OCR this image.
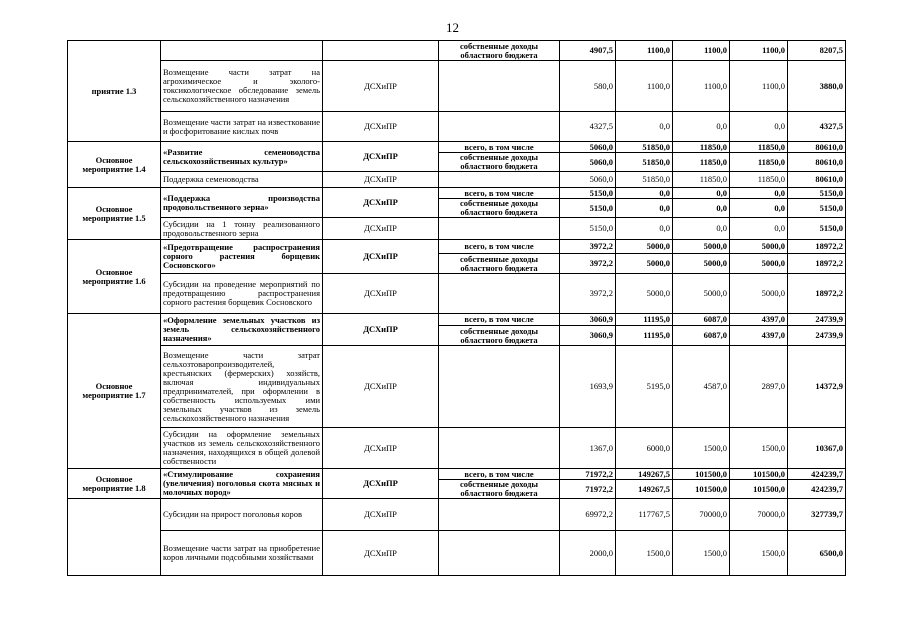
12
приятие 1.3			собственные доходы областного бюджета	4907,5	1100,0	1100,0	1100,0	8207,5
	Возмещение части затрат на агрохимическое и эколого-токсикологическое обследование земель сельскохозяйственного назначения	ДСХиПР		580,0	1100,0	1100,0	1100,0	3880,0
	Возмещение части затрат на известкование и фосфоритование кислых почв	ДСХиПР		4327,5	0,0	0,0	0,0	4327,5
Основное мероприятие 1.4	«Развитие семеноводства сельскохозяйственных культур»	ДСХиПР	всего, в том числе	5060,0	51850,0	11850,0	11850,0	80610,0
			собственные доходы областного бюджета	5060,0	51850,0	11850,0	11850,0	80610,0
	Поддержка семеноводства	ДСХиПР		5060,0	51850,0	11850,0	11850,0	80610,0
Основное мероприятие 1.5	«Поддержка производства продовольственного зерна»	ДСХиПР	всего, в том числе	5150,0	0,0	0,0	0,0	5150,0
			собственные доходы областного бюджета	5150,0	0,0	0,0	0,0	5150,0
	Субсидии на 1 тонну реализованного продовольственного зерна	ДСХиПР		5150,0	0,0	0,0	0,0	5150,0
Основное мероприятие 1.6	«Предотвращение распространения сорного растения борщевик Сосновского»	ДСХиПР	всего, в том числе	3972,2	5000,0	5000,0	5000,0	18972,2
			собственные доходы областного бюджета	3972,2	5000,0	5000,0	5000,0	18972,2
	Субсидии на проведение мероприятий по предотвращению распространения сорного растения борщевик Сосновского	ДСХиПР		3972,2	5000,0	5000,0	5000,0	18972,2
Основное мероприятие 1.7	«Оформление земельных участков из земель сельскохозяйственного назначения»	ДСХиПР	всего, в том числе	3060,9	11195,0	6087,0	4397,0	24739,9
			собственные доходы областного бюджета	3060,9	11195,0	6087,0	4397,0	24739,9
	Возмещение части затрат сельхозтоваропроизводителей, крестьянских (фермерских) хозяйств, включая индивидуальных предпринимателей, при оформлении в собственность используемых ими земельных участков из земель сельскохозяйственного назначения	ДСХиПР		1693,9	5195,0	4587,0	2897,0	14372,9
	Субсидии на оформление земельных участков из земель сельскохозяйственного назначения, находящихся в общей долевой собственности	ДСХиПР		1367,0	6000,0	1500,0	1500,0	10367,0
Основное мероприятие 1.8	«Стимулирование сохранения (увеличения) поголовья скота мясных и молочных пород»	ДСХиПР	всего, в том числе	71972,2	149267,5	101500,0	101500,0	424239,7
			собственные доходы областного бюджета	71972,2	149267,5	101500,0	101500,0	424239,7
	Субсидии на прирост поголовья коров	ДСХиПР		69972,2	117767,5	70000,0	70000,0	327739,7
	Возмещение части затрат на приобретение коров личными подсобными хозяйствами	ДСХиПР		2000,0	1500,0	1500,0	1500,0	6500,0
